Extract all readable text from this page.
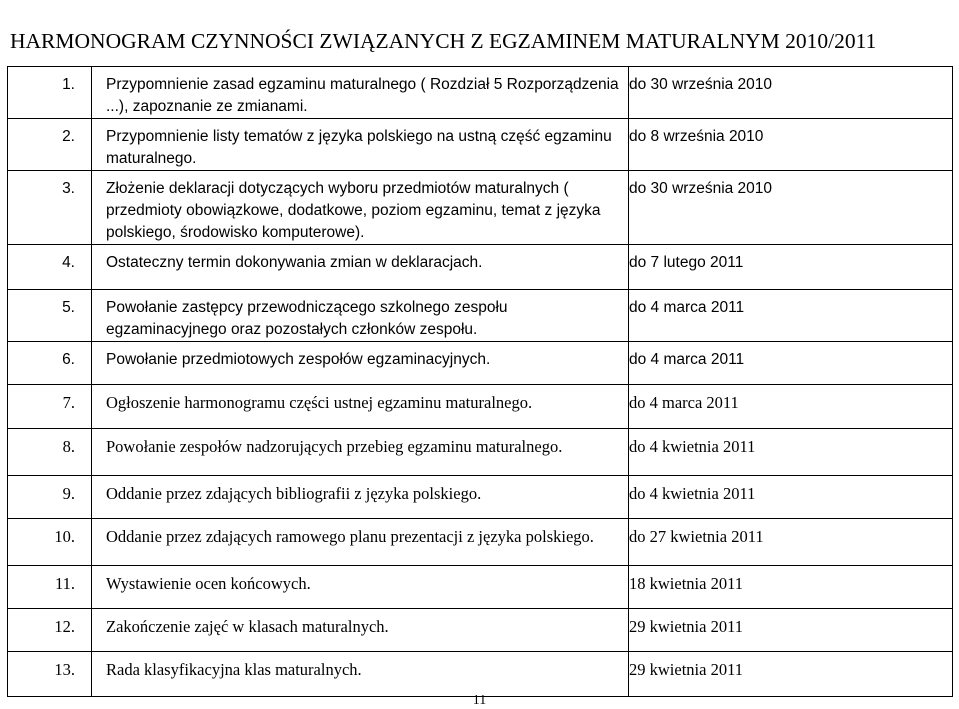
HARMONOGRAM CZYNNOŚCI ZWIĄZANYCH Z EGZAMINEM MATURALNYM 2010/2011
1.	Przypomnienie zasad egzaminu maturalnego ( Rozdział 5 Rozporządzenia ...), zapoznanie ze zmianami.	do 30 września 2010
2.	Przypomnienie listy tematów z języka polskiego na ustną część egzaminu maturalnego.	do 8 września 2010
3.	Złożenie deklaracji dotyczących wyboru przedmiotów maturalnych ( przedmioty obowiązkowe, dodatkowe, poziom egzaminu, temat z języka polskiego, środowisko komputerowe).	do 30 września 2010
4.	Ostateczny termin dokonywania zmian w deklaracjach.	do 7 lutego 2011
5.	Powołanie zastępcy przewodniczącego szkolnego zespołu egzaminacyjnego oraz pozostałych członków zespołu.	do 4 marca 2011
6.	Powołanie przedmiotowych zespołów egzaminacyjnych.	do 4 marca 2011
7.	Ogłoszenie harmonogramu części ustnej egzaminu maturalnego.	do 4 marca 2011
8.	Powołanie zespołów nadzorujących przebieg egzaminu maturalnego.	do 4 kwietnia 2011
9.	Oddanie przez zdających bibliografii z języka polskiego.	do 4 kwietnia 2011
10.	Oddanie przez zdających ramowego planu prezentacji z języka polskiego.	do 27 kwietnia 2011
11.	Wystawienie ocen końcowych.	18 kwietnia 2011
12.	Zakończenie zajęć w klasach maturalnych.	29 kwietnia 2011
13.	Rada klasyfikacyjna klas maturalnych.	29 kwietnia 2011
11
